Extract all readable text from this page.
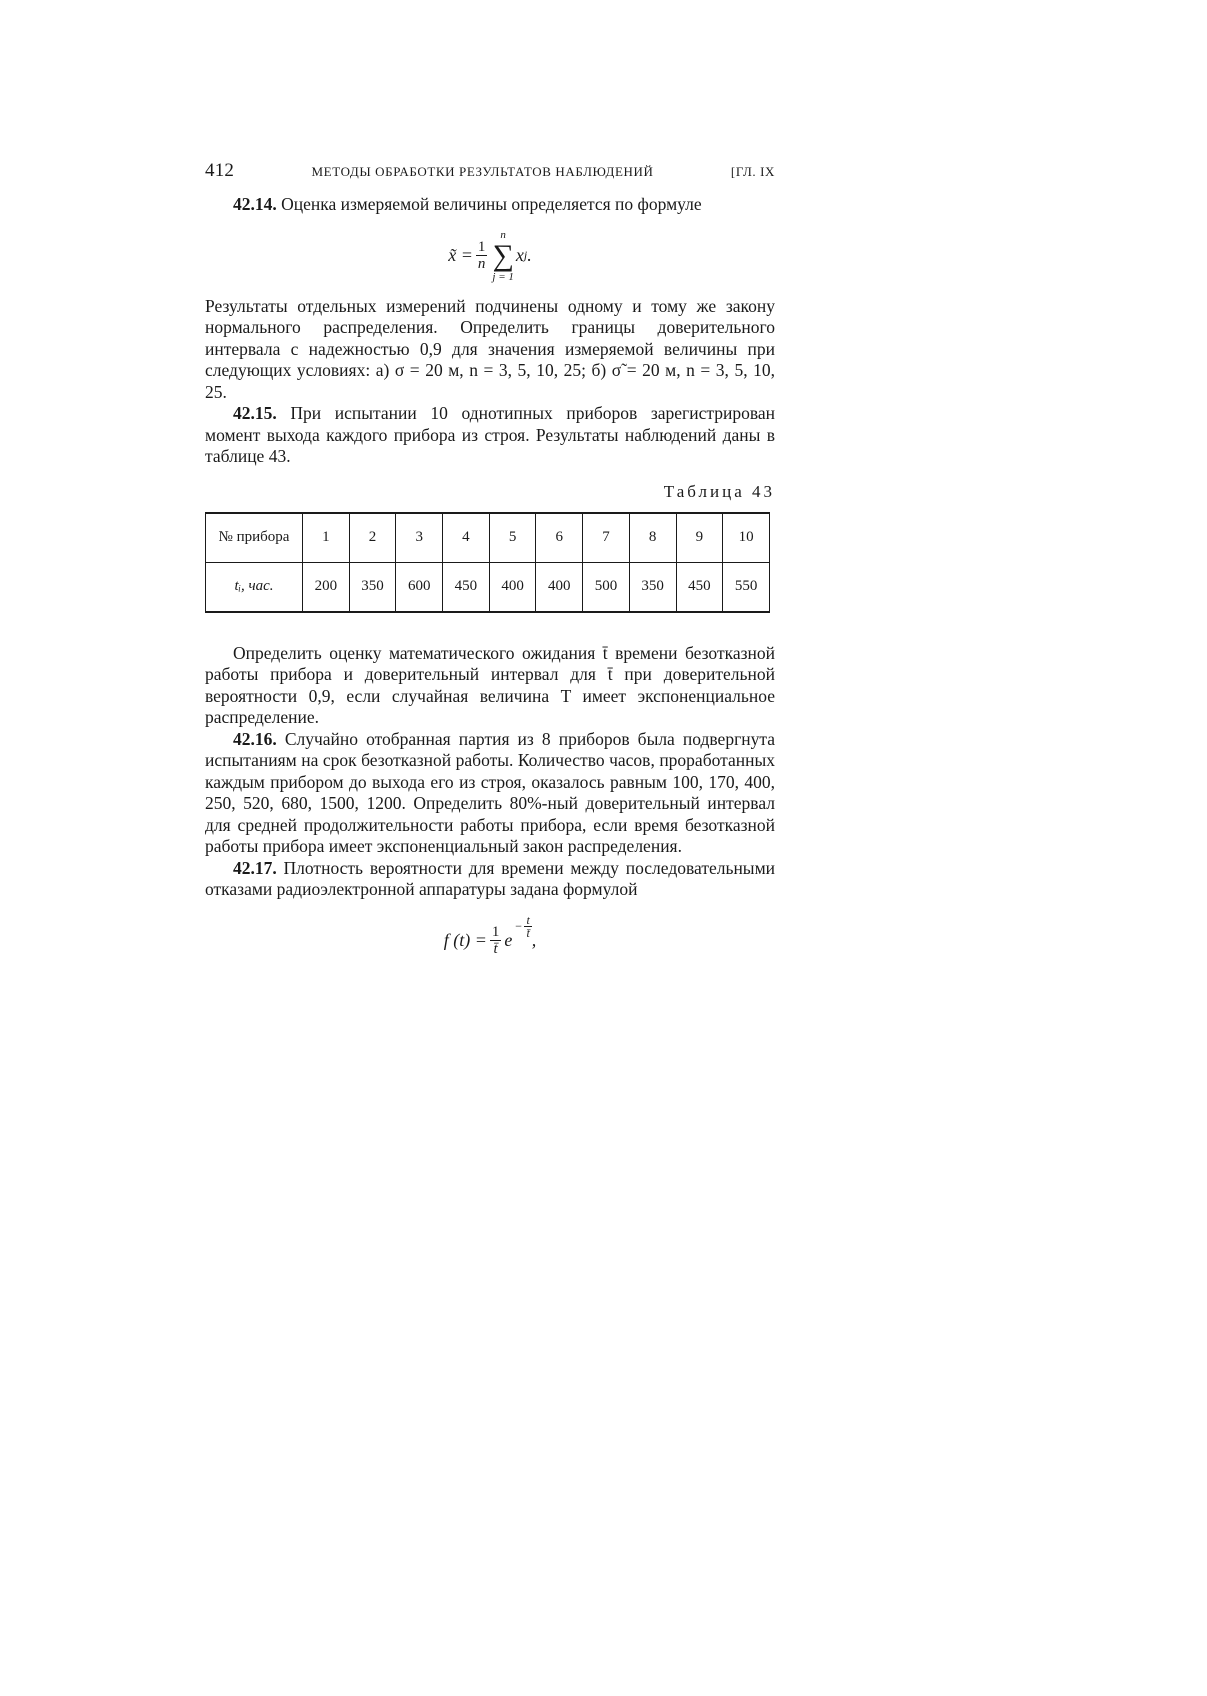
412	МЕТОДЫ ОБРАБОТКИ РЕЗУЛЬТАТОВ НАБЛЮДЕНИЙ	[ГЛ. IX

42.14. Оценка измеряемой величины определяется по формуле

x̃ = $\frac{1}{n}$
n
∑
j = 1
x j .

Результаты отдельных измерений подчинены одному и тому же закону нормального распределения. Определить границы доверительного интервала с надежностью 0,9 для значения измеряемой величины при следующих условиях: а) σ = 20 м, n = 3, 5, 10, 25; б) σ̃ = 20 м, n = 3, 5, 10, 25.

42.15. При испытании 10 однотипных приборов зарегистрирован момент выхода каждого прибора из строя. Результаты наблюдений даны в таблице 43.

Таблица 43
№ прибора	1	2	3	4	5	6	7	8	9	10
tᵢ, час.	200	350	600	450	400	400	500	350	450	550

Определить оценку математического ожидания t̄ времени безотказной работы прибора и доверительный интервал для t̄ при доверительной вероятности 0,9, если случайная величина T имеет экспоненциальное распределение.

42.16. Случайно отобранная партия из 8 приборов была подвергнута испытаниям на срок безотказной работы. Количество часов, проработанных каждым прибором до выхода его из строя, оказалось равным 100, 170, 400, 250, 520, 680, 1500, 1200. Определить 80%-ный доверительный интервал для средней продолжительности работы прибора, если время безотказной работы прибора имеет экспоненциальный закон распределения.

42.17. Плотность вероятности для времени между последовательными отказами радиоэлектронной аппаратуры задана формулой

f $(t) = \frac{1}{t̄}$ e
− $\frac{t}{t̄}$
,
